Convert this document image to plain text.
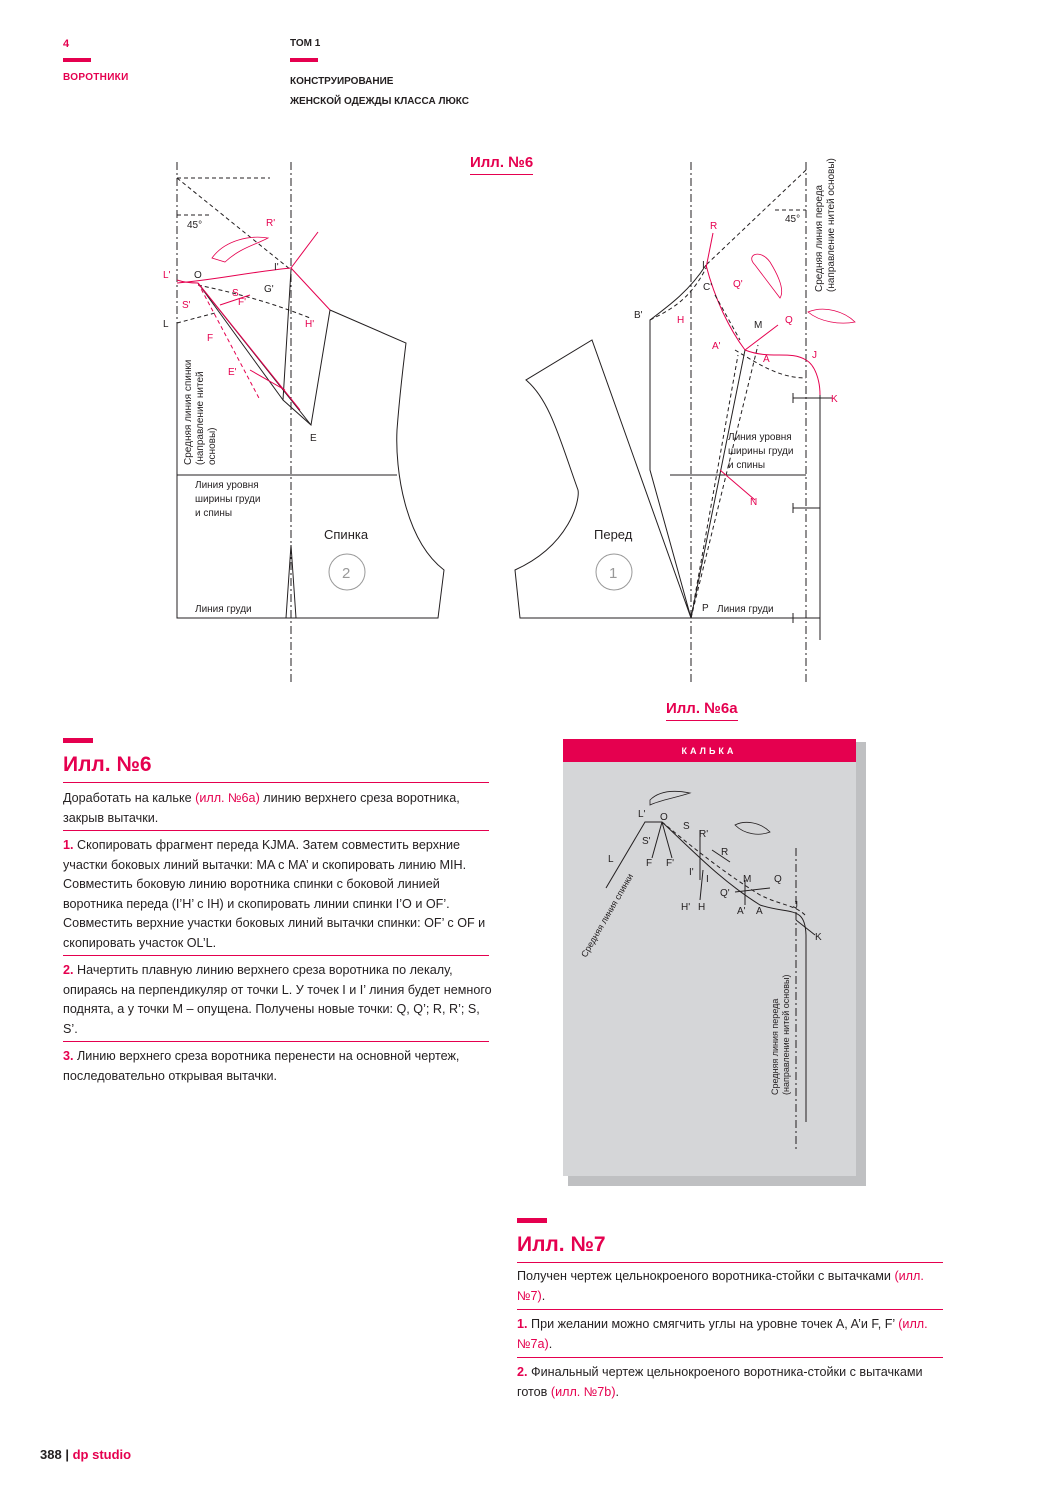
4
ВОРОТНИКИ
ТОМ 1
КОНСТРУИРОВАНИЕ
ЖЕНСКОЙ ОДЕЖДЫ КЛАССА ЛЮКС
Илл. №6
45°
45°
Спинка
2
Перед
1
Линия уровня
ширины груди
и спины
Линия уровня
ширины груди
и спины
Линия груди	Линия груди
Средняя линия спинки (направление нитей основы)
Средняя линия переда (направление нитей основы)
L' O
S'
S
F
F'
E'
E
L
R'
I'
G'
H'
R
I
C' Q'
B'	H	M Q
A'
A	J
K
N
P
Илл. №6а
КАЛЬКА
Средняя линия спинки
Средняя линия переда (направление нитей основы)
L' O
S
S'
F F'
L
R'
R
I'
I
H' H
M Q
Q'
A' A
J
K
Илл. №6
Доработать на кальке (илл. №6а) линию верхнего среза воротника, закрыв вытачки.
1. Скопировать фрагмент переда KJMA. Затем совместить верхние участки боковых линий вытачки: MA с MA’ и скопировать линию MIH. Совместить боковую линию воротника спинки с боковой линией воротника переда (I’H’ с IH) и скопировать линии спинки I’O и OF’. Совместить верхние участки боковых линий вытачки спинки: OF’ с OF и скопировать участок OL’L.
2. Начертить плавную линию верхнего среза воротника по лекалу, опираясь на перпендикуляр от точки L. У точек I и I’ линия будет немного поднята, а у точки M – опущена. Получены новые точки: Q, Q’; R, R’; S, S’.
3. Линию верхнего среза воротника перенести на основной чертеж, последовательно открывая вытачки.
Илл. №7
Получен чертеж цельнокроеного воротника-стойки с вытачками (илл. №7).
1. При желании можно смягчить углы на уровне точек A, A’и F, F’ (илл. №7а).
2. Финальный чертеж цельнокроеного воротника-стойки с вытачками готов (илл. №7b).
388 | dp studio
